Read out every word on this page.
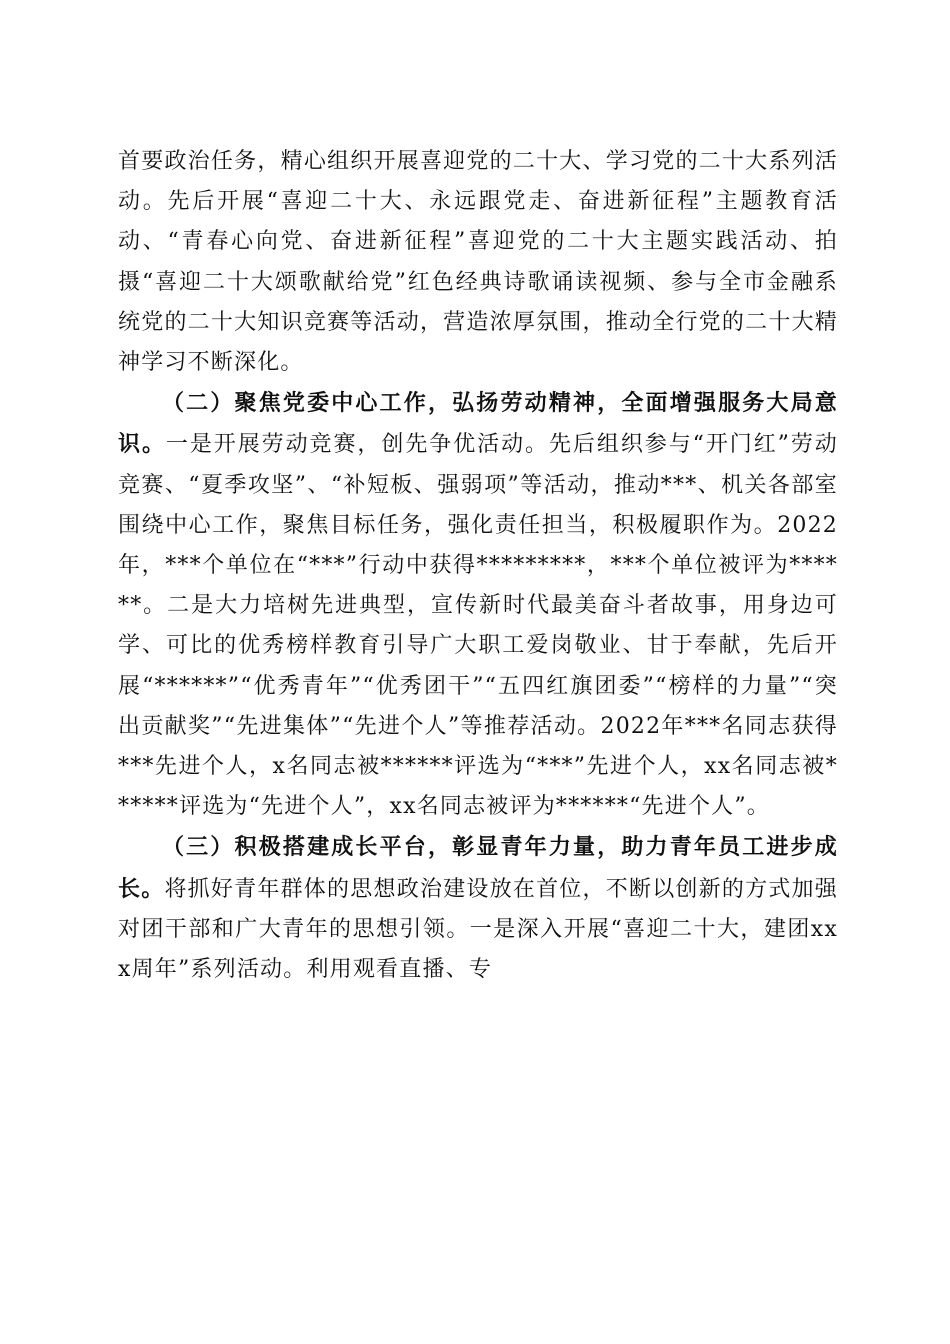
首要政治任务，精心组织开展喜迎党的二十大、学习党的二十大系列活动。先后开展“喜迎二十大、永远跟党走、奋进新征程”主题教育活动、“青春心向党、奋进新征程”喜迎党的二十大主题实践活动、拍摄“喜迎二十大颂歌献给党”红色经典诗歌诵读视频、参与全市金融系统党的二十大知识竞赛等活动，营造浓厚氛围，推动全行党的二十大精神学习不断深化。

（二）聚焦党委中心工作，弘扬劳动精神，全面增强服务大局意识。一是开展劳动竞赛，创先争优活动。先后组织参与“开门红”劳动竞赛、“夏季攻坚”、“补短板、强弱项”等活动，推动***、机关各部室围绕中心工作，聚焦目标任务，强化责任担当，积极履职作为。2022年，***个单位在“***”行动中获得*********，***个单位被评为******。二是大力培树先进典型，宣传新时代最美奋斗者故事，用身边可学、可比的优秀榜样教育引导广大职工爱岗敬业、甘于奉献，先后开展“******”“优秀青年”“优秀团干”“五四红旗团委”“榜样的力量”“突出贡献奖”“先进集体”“先进个人”等推荐活动。2022年***名同志获得***先进个人，x名同志被******评选为“***”先进个人，xx名同志被******评选为“先进个人”，xx名同志被评为******“先进个人”。

（三）积极搭建成长平台，彰显青年力量，助力青年员工进步成长。将抓好青年群体的思想政治建设放在首位，不断以创新的方式加强对团干部和广大青年的思想引领。一是深入开展“喜迎二十大，建团xxx周年”系列活动。利用观看直播、专
